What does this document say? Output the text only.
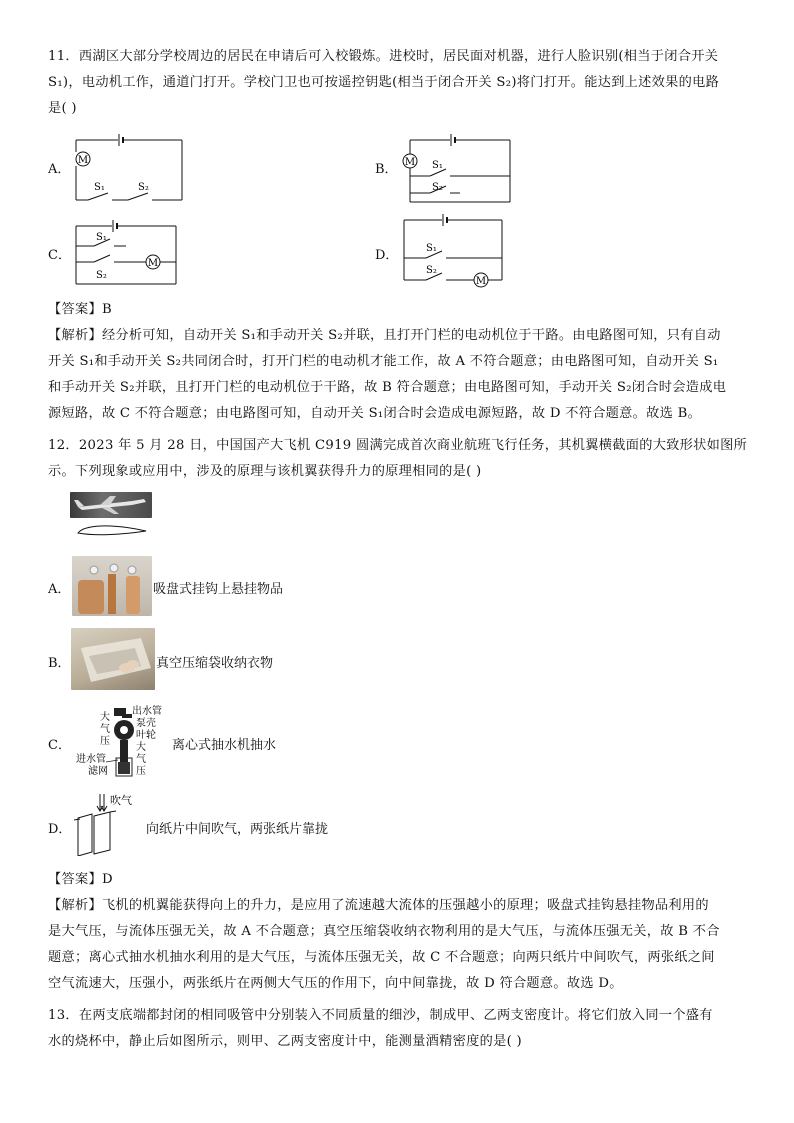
11．西湖区大部分学校周边的居民在申请后可入校锻炼。进校时，居民面对机器，进行人脸识别(相当于闭合开关
S₁)，电动机工作，通道门打开。学校门卫也可按遥控钥匙(相当于闭合开关 S₂)将门打开。能达到上述效果的电路
是( )
A．
M
S₁	S₂
B． M S₁
S₂
C．
M
S₁
S₂
D．
M
S₁
S₂
【答案】B
【解析】经分析可知，自动开关 S₁和手动开关 S₂并联，且打开门栏的电动机位于干路。由电路图可知，只有自动
开关 S₁和手动开关 S₂共同闭合时，打开门栏的电动机才能工作，故 A 不符合题意；由电路图可知，自动开关 S₁
和手动开关 S₂并联，且打开门栏的电动机位于干路，故 B 符合题意；由电路图可知，手动开关 S₂闭合时会造成电
源短路，故 C 不符合题意；由电路图可知，自动开关 S₁闭合时会造成电源短路，故 D 不符合题意。故选 B。
12．2023 年 5 月 28 日，中国国产大飞机 C919 圆满完成首次商业航班飞行任务，其机翼横截面的大致形状如图所
示。下列现象或应用中，涉及的原理与该机翼获得升力的原理相同的是( )
A．	吸盘式挂钩上悬挂物品
B．	真空压缩袋收纳衣物
C．
出水管
泵壳
叶轮
大
气
压
大
气
压
进水管
滤网
离心式抽水机抽水
D．
吹气
向纸片中间吹气，两张纸片靠拢
【答案】D
【解析】飞机的机翼能获得向上的升力，是应用了流速越大流体的压强越小的原理；吸盘式挂钩悬挂物品利用的
是大气压，与流体压强无关，故 A 不合题意；真空压缩袋收纳衣物利用的是大气压，与流体压强无关，故 B 不合
题意；离心式抽水机抽水利用的是大气压，与流体压强无关，故 C 不合题意；向两只纸片中间吹气，两张纸之间
空气流速大，压强小，两张纸片在两侧大气压的作用下，向中间靠拢，故 D 符合题意。故选 D。
13．在两支底端都封闭的相同吸管中分别装入不同质量的细沙，制成甲、乙两支密度计。将它们放入同一个盛有
水的烧杯中，静止后如图所示，则甲、乙两支密度计中，能测量酒精密度的是( )
